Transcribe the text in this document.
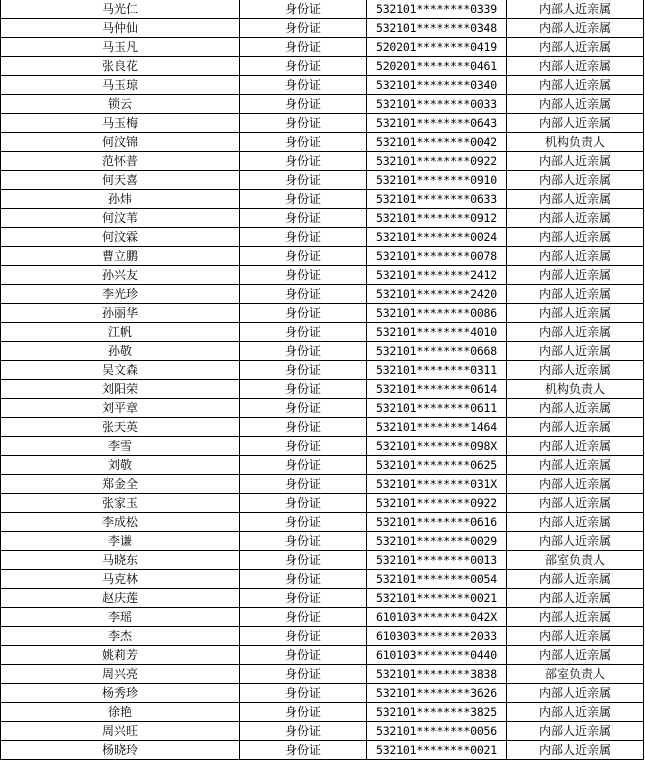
马光仁	身份证	532101********0339	内部人近亲属
马仲仙	身份证	532101********0348	内部人近亲属
马玉凡	身份证	520201********0419	内部人近亲属
张良花	身份证	520201********0461	内部人近亲属
马玉琼	身份证	532101********0340	内部人近亲属
锁云	身份证	532101********0033	内部人近亲属
马玉梅	身份证	532101********0643	内部人近亲属
何汶锦	身份证	532101********0042	机构负责人
范怀普	身份证	532101********0922	内部人近亲属
何天喜	身份证	532101********0910	内部人近亲属
孙炜	身份证	532101********0633	内部人近亲属
何汶苇	身份证	532101********0912	内部人近亲属
何汶霖	身份证	532101********0024	内部人近亲属
曹立鹏	身份证	532101********0078	内部人近亲属
孙兴友	身份证	532101********2412	内部人近亲属
李光珍	身份证	532101********2420	内部人近亲属
孙丽华	身份证	532101********0086	内部人近亲属
江帆	身份证	532101********4010	内部人近亲属
孙敬	身份证	532101********0668	内部人近亲属
吴文森	身份证	532101********0311	内部人近亲属
刘阳荣	身份证	532101********0614	机构负责人
刘平章	身份证	532101********0611	内部人近亲属
张天英	身份证	532101********1464	内部人近亲属
李雪	身份证	532101********098X	内部人近亲属
刘敬	身份证	532101********0625	内部人近亲属
郑金全	身份证	532101********031X	内部人近亲属
张家玉	身份证	532101********0922	内部人近亲属
李成松	身份证	532101********0616	内部人近亲属
李谦	身份证	532101********0029	内部人近亲属
马晓东	身份证	532101********0013	部室负责人
马克林	身份证	532101********0054	内部人近亲属
赵庆莲	身份证	532101********0021	内部人近亲属
李瑶	身份证	610103********042X	内部人近亲属
李杰	身份证	610303********2033	内部人近亲属
姚莉芳	身份证	610103********0440	内部人近亲属
周兴亮	身份证	532101********3838	部室负责人
杨秀珍	身份证	532101********3626	内部人近亲属
徐艳	身份证	532101********3825	内部人近亲属
周兴旺	身份证	532101********0056	内部人近亲属
杨晓玲	身份证	532101********0021	内部人近亲属
